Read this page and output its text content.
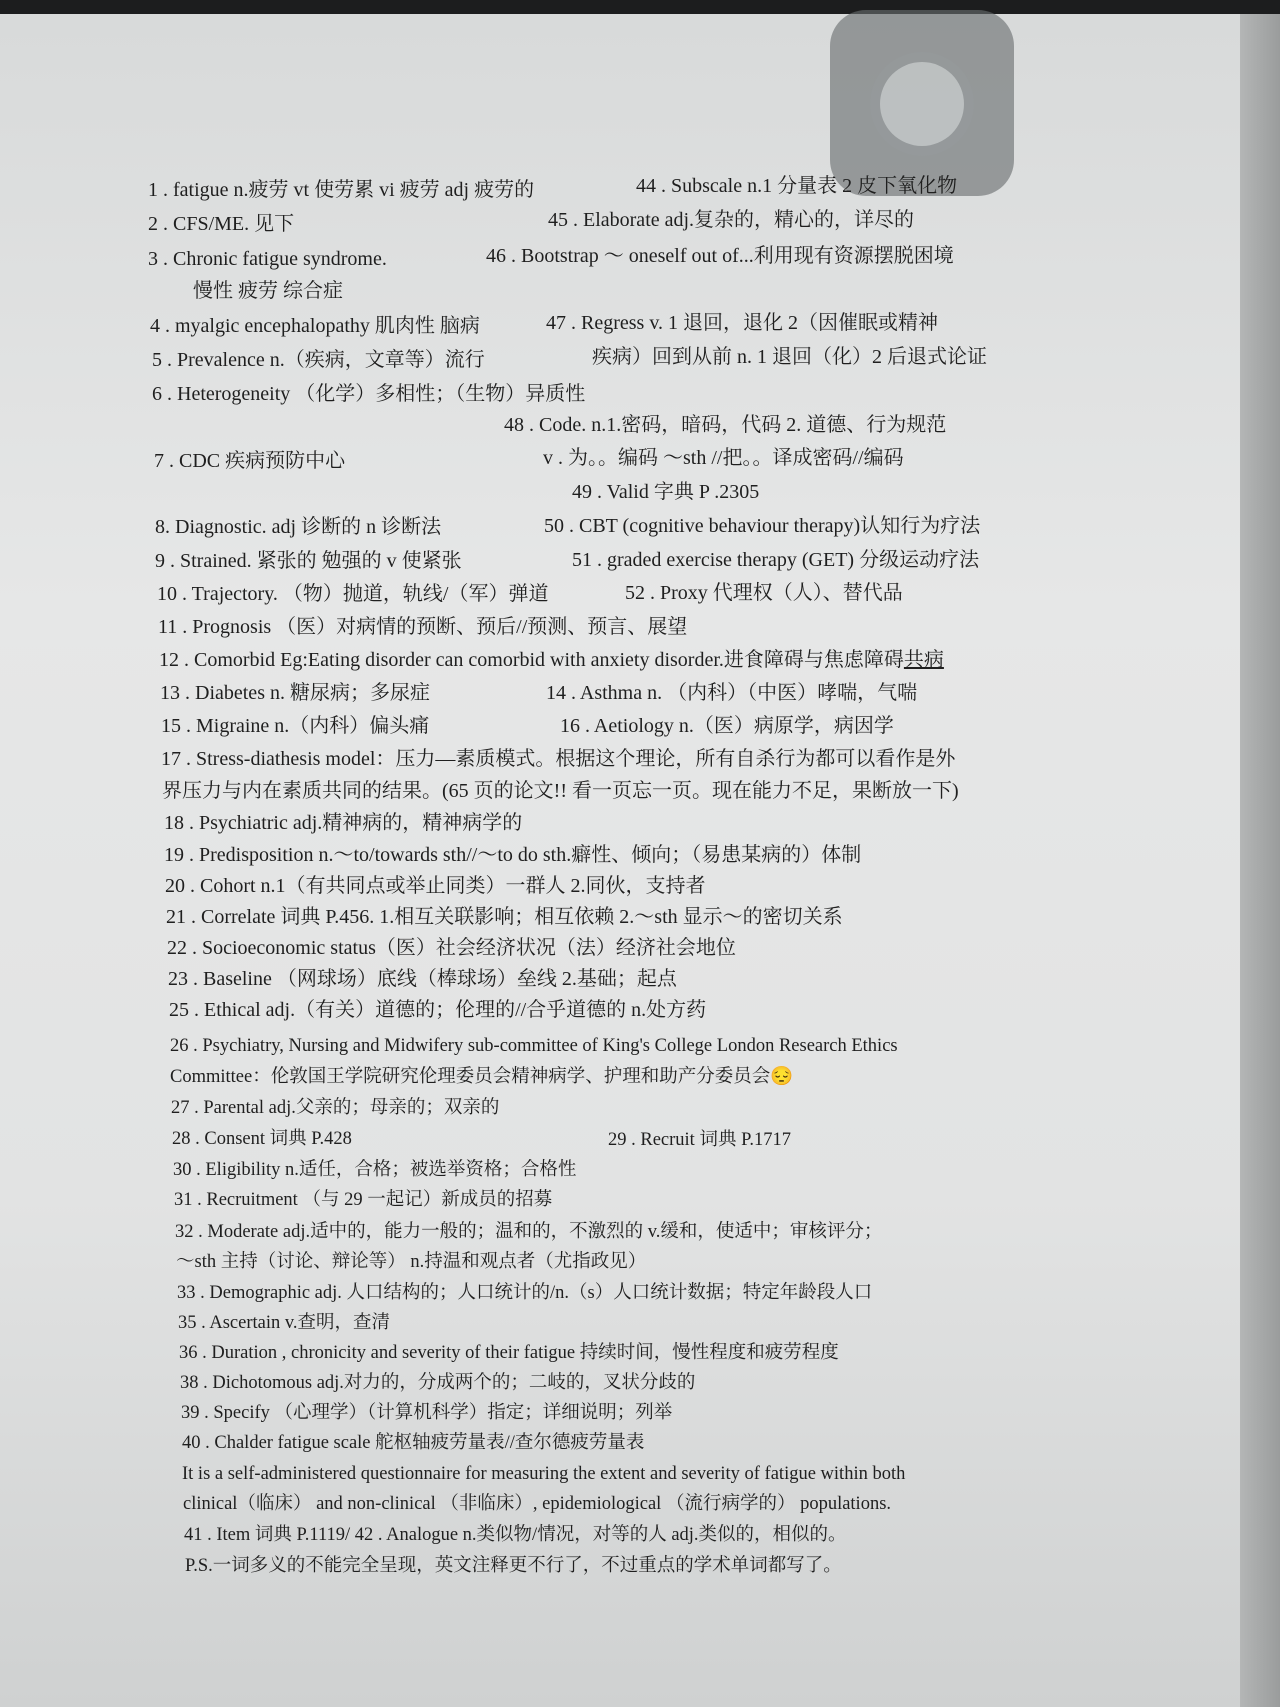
1 . fatigue n.疲劳 vt 使劳累 vi 疲劳 adj 疲劳的	44 . Subscale n.1 分量表 2 皮下氧化物
2 . CFS/ME. 见下	45 . Elaborate adj.复杂的，精心的，详尽的
3 . Chronic fatigue syndrome.	46 . Bootstrap ～ oneself out of...利用现有资源摆脱困境
慢性 疲劳 综合症
4 . myalgic encephalopathy 肌肉性 脑病	47 . Regress v. 1 退回，退化 2（因催眠或精神
5 . Prevalence n.（疾病，文章等）流行	疾病）回到从前 n. 1 退回（化）2 后退式论证
6 . Heterogeneity （化学）多相性；（生物）异质性
48 . Code. n.1.密码，暗码，代码 2. 道德、行为规范
7 . CDC 疾病预防中心	v . 为。。编码 ～sth //把。。译成密码//编码
49 . Valid 字典 P .2305
8. Diagnostic. adj 诊断的 n 诊断法	50 . CBT (cognitive behaviour therapy)认知行为疗法
9 . Strained. 紧张的 勉强的 v 使紧张	51 . graded exercise therapy (GET) 分级运动疗法
10 . Trajectory. （物）抛道，轨线/（军）弹道	52 . Proxy 代理权（人）、替代品
11 . Prognosis （医）对病情的预断、预后//预测、预言、展望
12 . Comorbid Eg:Eating disorder can comorbid with anxiety disorder.进食障碍与焦虑障碍共病
13 . Diabetes n. 糖尿病；多尿症	14 . Asthma n. （内科）（中医）哮喘，气喘
15 . Migraine n.（内科）偏头痛	16 . Aetiology n.（医）病原学，病因学
17 . Stress-diathesis model：压力—素质模式。根据这个理论，所有自杀行为都可以看作是外
界压力与内在素质共同的结果。(65 页的论文!! 看一页忘一页。现在能力不足，果断放一下)
18 . Psychiatric adj.精神病的，精神病学的
19 . Predisposition n.～to/towards sth//～to do sth.癖性、倾向；（易患某病的）体制
20 . Cohort n.1（有共同点或举止同类）一群人 2.同伙，支持者
21 . Correlate 词典 P.456. 1.相互关联影响；相互依赖 2.～sth 显示～的密切关系
22 . Socioeconomic status（医）社会经济状况（法）经济社会地位
23 . Baseline （网球场）底线（棒球场）垒线 2.基础；起点
25 . Ethical adj.（有关）道德的；伦理的//合乎道德的 n.处方药
26 . Psychiatry, Nursing and Midwifery sub-committee of King's College London Research Ethics
Committee：伦敦国王学院研究伦理委员会精神病学、护理和助产分委员会😔
27 . Parental adj.父亲的；母亲的；双亲的
28 . Consent 词典 P.428	29 . Recruit 词典 P.1717
30 . Eligibility n.适任，合格；被选举资格；合格性
31 . Recruitment （与 29 一起记）新成员的招募
32 . Moderate adj.适中的，能力一般的；温和的，不激烈的 v.缓和，使适中；审核评分；
～sth 主持（讨论、辩论等） n.持温和观点者（尤指政见）
33 . Demographic adj. 人口结构的；人口统计的/n.（s）人口统计数据；特定年龄段人口
35 . Ascertain v.查明，查清
36 . Duration , chronicity and severity of their fatigue 持续时间，慢性程度和疲劳程度
38 . Dichotomous adj.对力的，分成两个的；二岐的，叉状分歧的
39 . Specify （心理学）（计算机科学）指定；详细说明；列举
40 . Chalder fatigue scale 舵枢轴疲劳量表//查尔德疲劳量表
It is a self-administered questionnaire for measuring the extent and severity of fatigue within both
clinical（临床） and non-clinical （非临床）, epidemiological （流行病学的） populations.
41 . Item 词典 P.1119/ 42 . Analogue n.类似物/情况，对等的人 adj.类似的，相似的。
P.S.一词多义的不能完全呈现，英文注释更不行了，不过重点的学术单词都写了。
